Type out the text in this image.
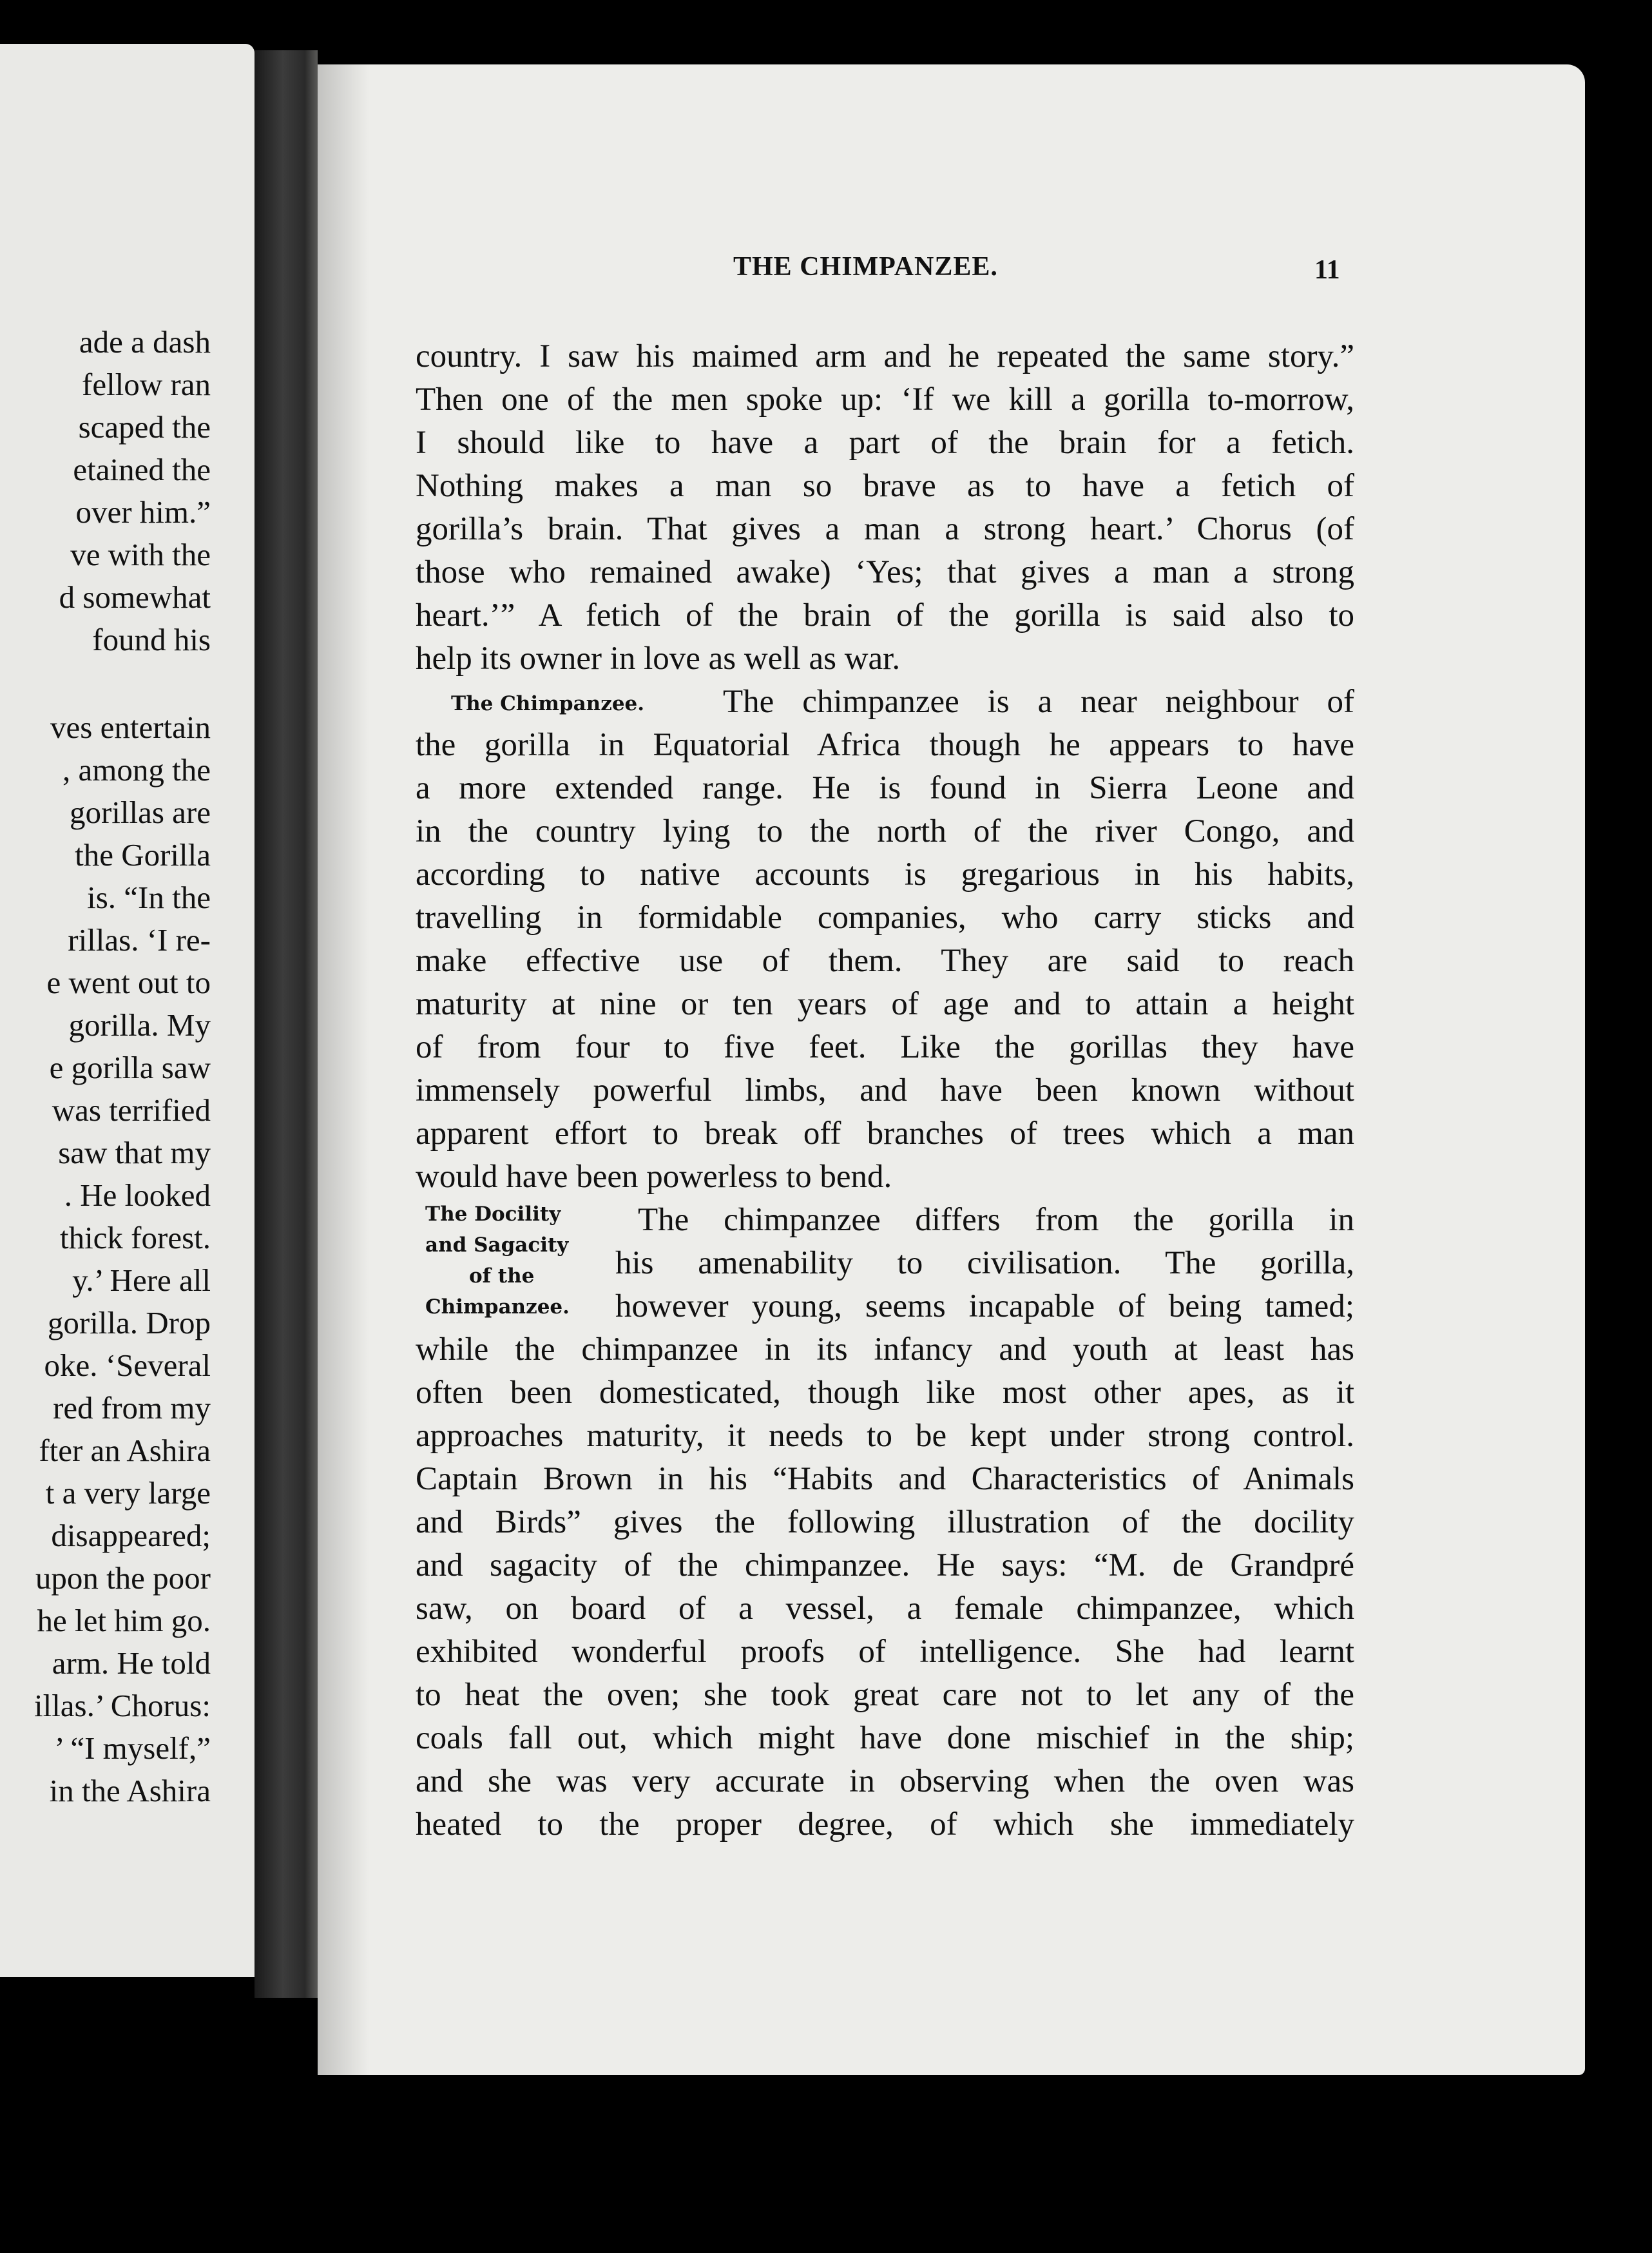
ade a dash
fellow ran
scaped the
etained the
over him.”
ve with the
d somewhat
found his
ves entertain
, among the
gorillas are
the Gorilla
is. “In the
rillas. ‘I re-
e went out to
gorilla. My
e gorilla saw
was terrified
saw that my
. He looked
thick forest.
y.’ Here all
gorilla. Drop
oke. ‘Several
red from my
fter an Ashira
t a very large
disappeared;
upon the poor
he let him go.
arm. He told
illas.’ Chorus:
’ “I myself,”
in the Ashira
THE CHIMPANZEE.	11
country. I saw his maimed arm and he repeated the same story.”
Then one of the men spoke up: ‘If we kill a gorilla to-morrow,
I should like to have a part of the brain for a fetich.
Nothing makes a man so brave as to have a fetich of
gorilla’s brain. That gives a man a strong heart.’ Chorus (of
those who remained awake) ‘Yes; that gives a man a strong
heart.’” A fetich of the brain of the gorilla is said also to
help its owner in love as well as war.
The Chimpanzee. The chimpanzee is a near neighbour of
the gorilla in Equatorial Africa though he appears to have
a more extended range. He is found in Sierra Leone and
in the country lying to the north of the river Congo, and
according to native accounts is gregarious in his habits,
travelling in formidable companies, who carry sticks and
make effective use of them. They are said to reach
maturity at nine or ten years of age and to attain a height
of from four to five feet. Like the gorillas they have
immensely powerful limbs, and have been known without
apparent effort to break off branches of trees which a man
would have been powerless to bend.
The Docility
and Sagacity
of the
Chimpanzee.
The chimpanzee differs from the gorilla in
his amenability to civilisation. The gorilla,
however young, seems incapable of being tamed;
while the chimpanzee in its infancy and youth at least has
often been domesticated, though like most other apes, as it
approaches maturity, it needs to be kept under strong control.
Captain Brown in his “Habits and Characteristics of Animals
and Birds” gives the following illustration of the docility
and sagacity of the chimpanzee. He says: “M. de Grandpré
saw, on board of a vessel, a female chimpanzee, which
exhibited wonderful proofs of intelligence. She had learnt
to heat the oven; she took great care not to let any of the
coals fall out, which might have done mischief in the ship;
and she was very accurate in observing when the oven was
heated to the proper degree, of which she immediately
